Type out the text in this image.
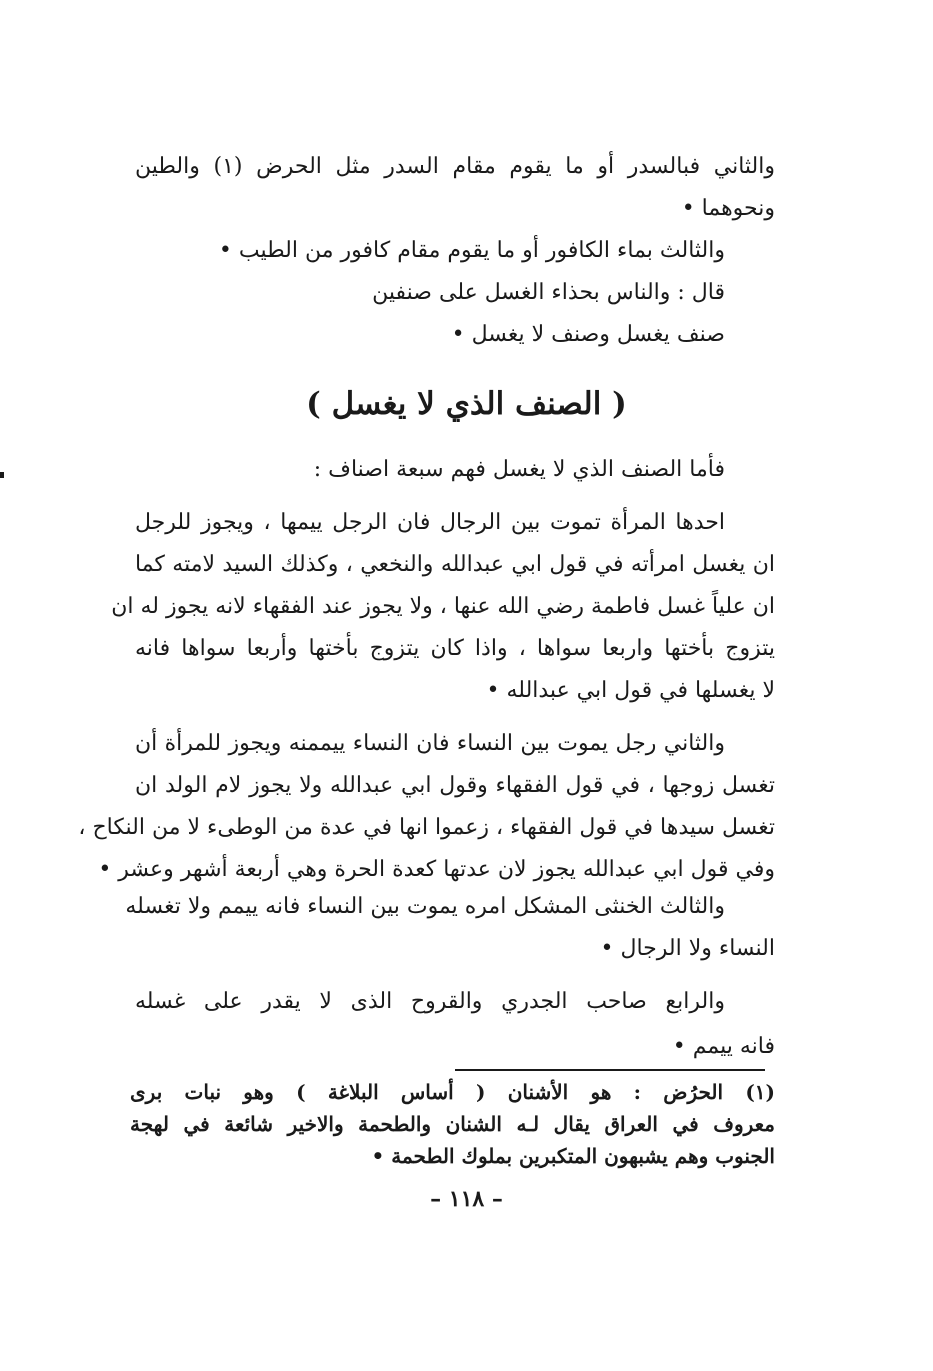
والثاني فبالسدر أو ما يقوم مقام السدر مثل الحرض (١) والطين
ونحوهما •
والثالث بماء الكافور أو ما يقوم مقام كافور من الطيب •
قال : والناس بحذاء الغسل على صنفين
صنف يغسل وصنف لا يغسل •
( الصنف الذي لا يغسل )
فأما الصنف الذي لا يغسل فهم سبعة اصناف :
احدها المرأة تموت بين الرجال فان الرجل ييمها ، ويجوز للرجل
ان يغسل امرأته في قول ابي عبدالله والنخعي ، وكذلك السيد لامته كما
ان علياً غسل فاطمة رضي الله عنها ، ولا يجوز عند الفقهاء لانه يجوز له ان
يتزوج بأختها واربعا سواها ، واذا كان يتزوج بأختها وأربعا سواها فانه
لا يغسلها في قول ابي عبدالله •
والثاني رجل يموت بين النساء فان النساء ييممنه ويجوز للمرأة أن
تغسل زوجها ، في قول الفقهاء وقول ابي عبدالله ولا يجوز لام الولد ان
تغسل سيدها في قول الفقهاء ، زعموا انها في عدة من الوطىء لا من النكاح ،
وفي قول ابي عبدالله يجوز لان عدتها كعدة الحرة وهي أربعة أشهر وعشر •
والثالث الخنثى المشكل امره يموت بين النساء فانه ييمم ولا تغسله
النساء ولا الرجال •
والرابع صاحب الجدري والقروح الذى لا يقدر على غسله
فانه ييمم •
(١) الحرُض : هو الأشنان ( أساس البلاغة ) وهو نبات برى
معروف في العراق يقال لـه الشنان والطحمة والاخير شائعة في لهجة
الجنوب وهم يشبهون المتكبرين بملوك الطحمة •
– ١١٨ –
